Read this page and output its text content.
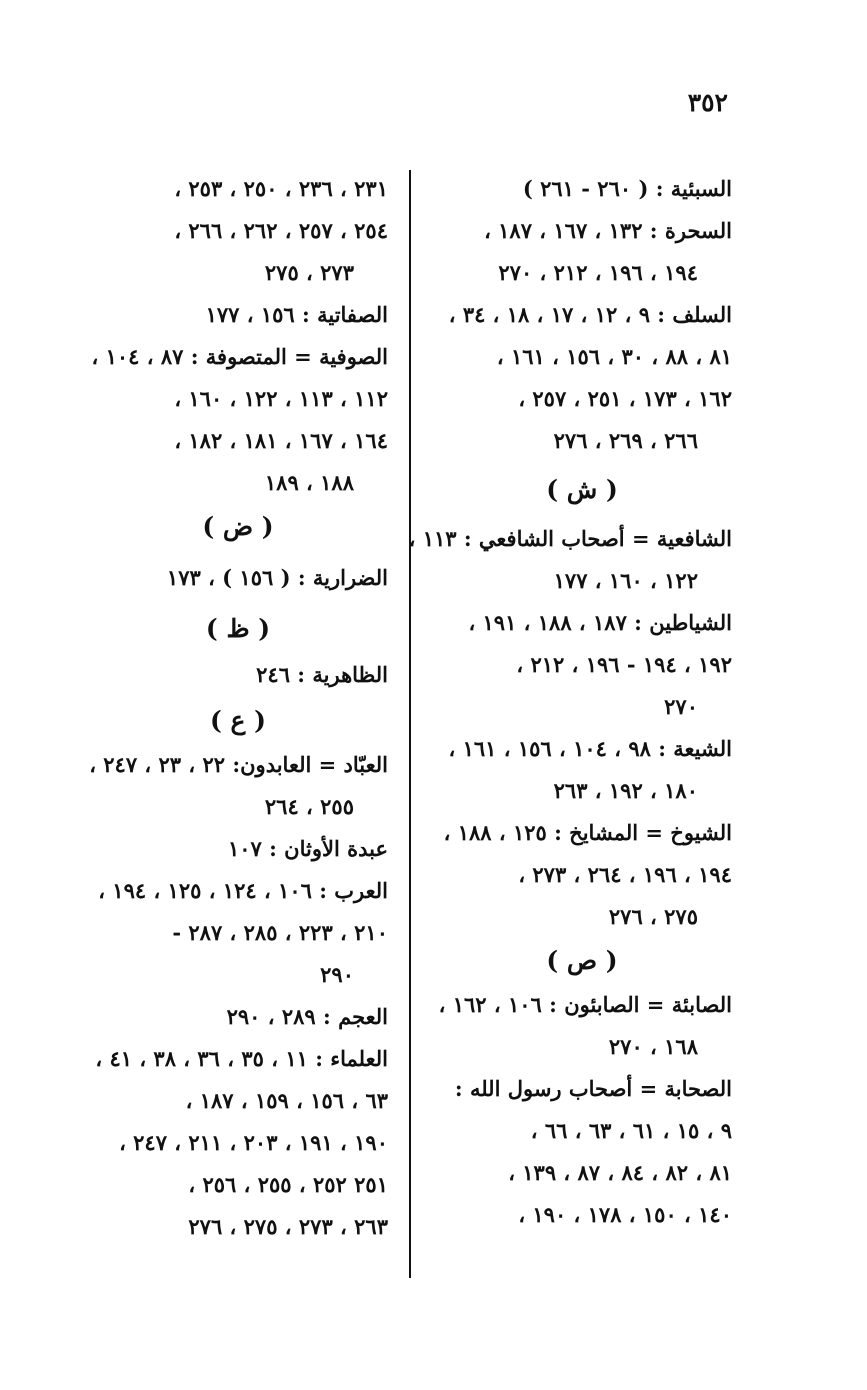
٣٥٢
السبئية : ( ٢٦٠ - ٢٦١ )
السحرة : ١٣٢ ، ١٦٧ ، ١٨٧ ،
١٩٤ ، ١٩٦ ، ٢١٢ ، ٢٧٠
السلف : ٩ ، ١٢ ، ١٧ ، ١٨ ، ٣٤ ،
٨١ ، ٨٨ ، ٣٠ ، ١٥٦ ، ١٦١ ،
١٦٢ ، ١٧٣ ، ٢٥١ ، ٢٥٧ ،
٢٦٦ ، ٢٦٩ ، ٢٧٦
( ش )
الشافعية = أصحاب الشافعي : ١١٣ ،
١٢٢ ، ١٦٠ ، ١٧٧
الشياطين : ١٨٧ ، ١٨٨ ، ١٩١ ،
١٩٢ ، ١٩٤ - ١٩٦ ، ٢١٢ ،
٢٧٠
الشيعة : ٩٨ ، ١٠٤ ، ١٥٦ ، ١٦١ ،
١٨٠ ، ١٩٢ ، ٢٦٣
الشيوخ = المشايخ : ١٢٥ ، ١٨٨ ،
١٩٤ ، ١٩٦ ، ٢٦٤ ، ٢٧٣ ،
٢٧٥ ، ٢٧٦
( ص )
الصابئة = الصابئون : ١٠٦ ، ١٦٢ ،
١٦٨ ، ٢٧٠
الصحابة = أصحاب رسول الله :
٩ ، ١٥ ، ٦١ ، ٦٣ ، ٦٦ ،
٨١ ، ٨٢ ، ٨٤ ، ٨٧ ، ١٣٩ ،
١٤٠ ، ١٥٠ ، ١٧٨ ، ١٩٠ ،
٢٣١ ، ٢٣٦ ، ٢٥٠ ، ٢٥٣ ،
٢٥٤ ، ٢٥٧ ، ٢٦٢ ، ٢٦٦ ،
٢٧٣ ، ٢٧٥
الصفاتية : ١٥٦ ، ١٧٧
الصوفية = المتصوفة : ٨٧ ، ١٠٤ ،
١١٢ ، ١١٣ ، ١٢٢ ، ١٦٠ ،
١٦٤ ، ١٦٧ ، ١٨١ ، ١٨٢ ،
١٨٨ ، ١٨٩
( ض )
الضرارية : ( ١٥٦ ) ، ١٧٣
( ظ )
الظاهرية : ٢٤٦
( ع )
العبّاد = العابدون: ٢٢ ، ٢٣ ، ٢٤٧ ،
٢٥٥ ، ٢٦٤
عبدة الأوثان : ١٠٧
العرب : ١٠٦ ، ١٢٤ ، ١٢٥ ، ١٩٤ ،
٢١٠ ، ٢٢٣ ، ٢٨٥ ، ٢٨٧ -
٢٩٠
العجم : ٢٨٩ ، ٢٩٠
العلماء : ١١ ، ٣٥ ، ٣٦ ، ٣٨ ، ٤١ ،
٦٣ ، ١٥٦ ، ١٥٩ ، ١٨٧ ،
١٩٠ ، ١٩١ ، ٢٠٣ ، ٢١١ ، ٢٤٧ ،
٢٥١ ٢٥٢ ، ٢٥٥ ، ٢٥٦ ،
٢٦٣ ، ٢٧٣ ، ٢٧٥ ، ٢٧٦
